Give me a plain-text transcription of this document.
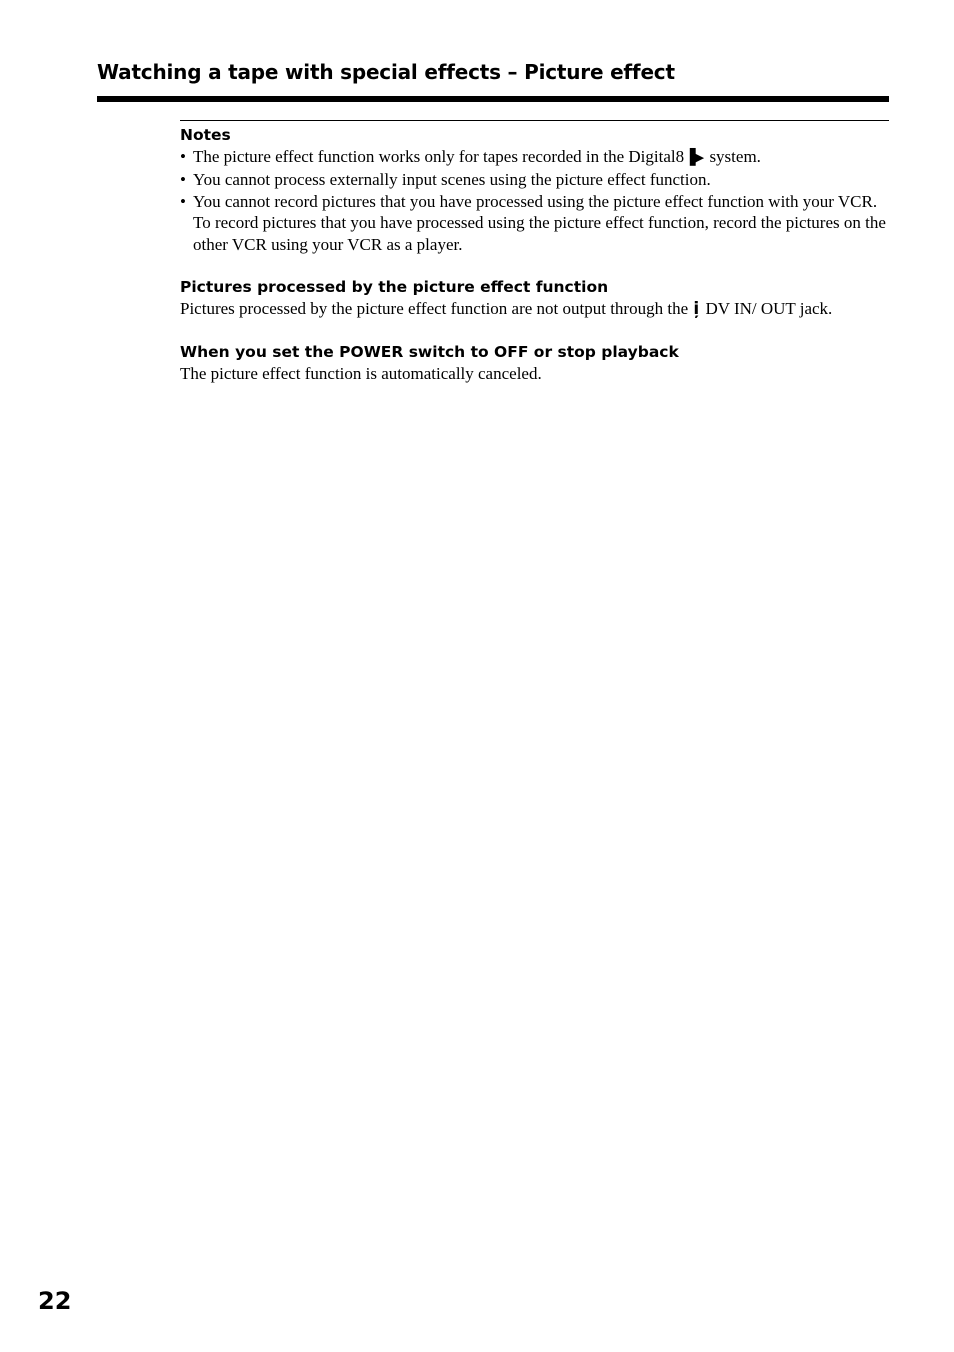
Watching a tape with special effects – Picture effect
Notes
• The picture effect function works only for tapes recorded in the Digital8▐▶ system.
• You cannot process externally input scenes using the picture effect function.
• You cannot record pictures that you have processed using the picture effect function with your VCR. To record pictures that you have processed using the picture effect function, record the pictures on the other VCR using your VCR as a player.
Pictures processed by the picture effect function
Pictures processed by the picture effect function are not output through the i̦ DV IN/ OUT jack.
When you set the POWER switch to OFF or stop playback
The picture effect function is automatically canceled.
22
